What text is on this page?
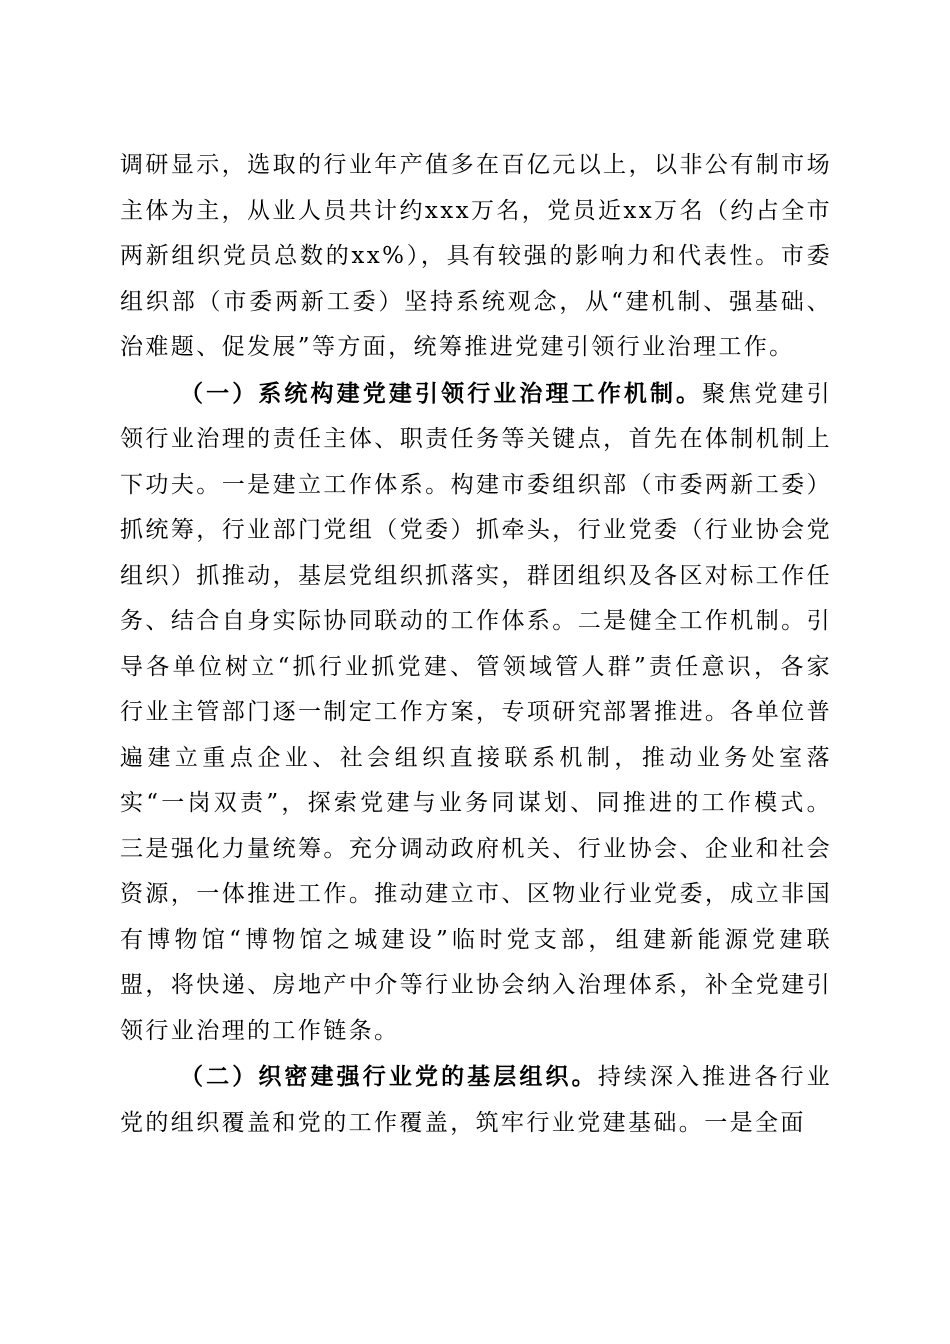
调研显示，选取的行业年产值多在百亿元以上，以非公有制市场主体为主，从业人员共计约xxx万名，党员近xx万名（约占全市两新组织党员总数的xx%），具有较强的影响力和代表性。市委组织部（市委两新工委）坚持系统观念，从“建机制、强基础、治难题、促发展”等方面，统筹推进党建引领行业治理工作。

（一）系统构建党建引领行业治理工作机制。聚焦党建引领行业治理的责任主体、职责任务等关键点，首先在体制机制上下功夫。一是建立工作体系。构建市委组织部（市委两新工委）抓统筹，行业部门党组（党委）抓牵头，行业党委（行业协会党组织）抓推动，基层党组织抓落实，群团组织及各区对标工作任务、结合自身实际协同联动的工作体系。二是健全工作机制。引导各单位树立“抓行业抓党建、管领域管人群”责任意识，各家行业主管部门逐一制定工作方案，专项研究部署推进。各单位普遍建立重点企业、社会组织直接联系机制，推动业务处室落实“一岗双责”，探索党建与业务同谋划、同推进的工作模式。三是强化力量统筹。充分调动政府机关、行业协会、企业和社会资源，一体推进工作。推动建立市、区物业行业党委，成立非国有博物馆“博物馆之城建设”临时党支部，组建新能源党建联盟，将快递、房地产中介等行业协会纳入治理体系，补全党建引领行业治理的工作链条。

（二）织密建强行业党的基层组织。持续深入推进各行业党的组织覆盖和党的工作覆盖，筑牢行业党建基础。一是全面
